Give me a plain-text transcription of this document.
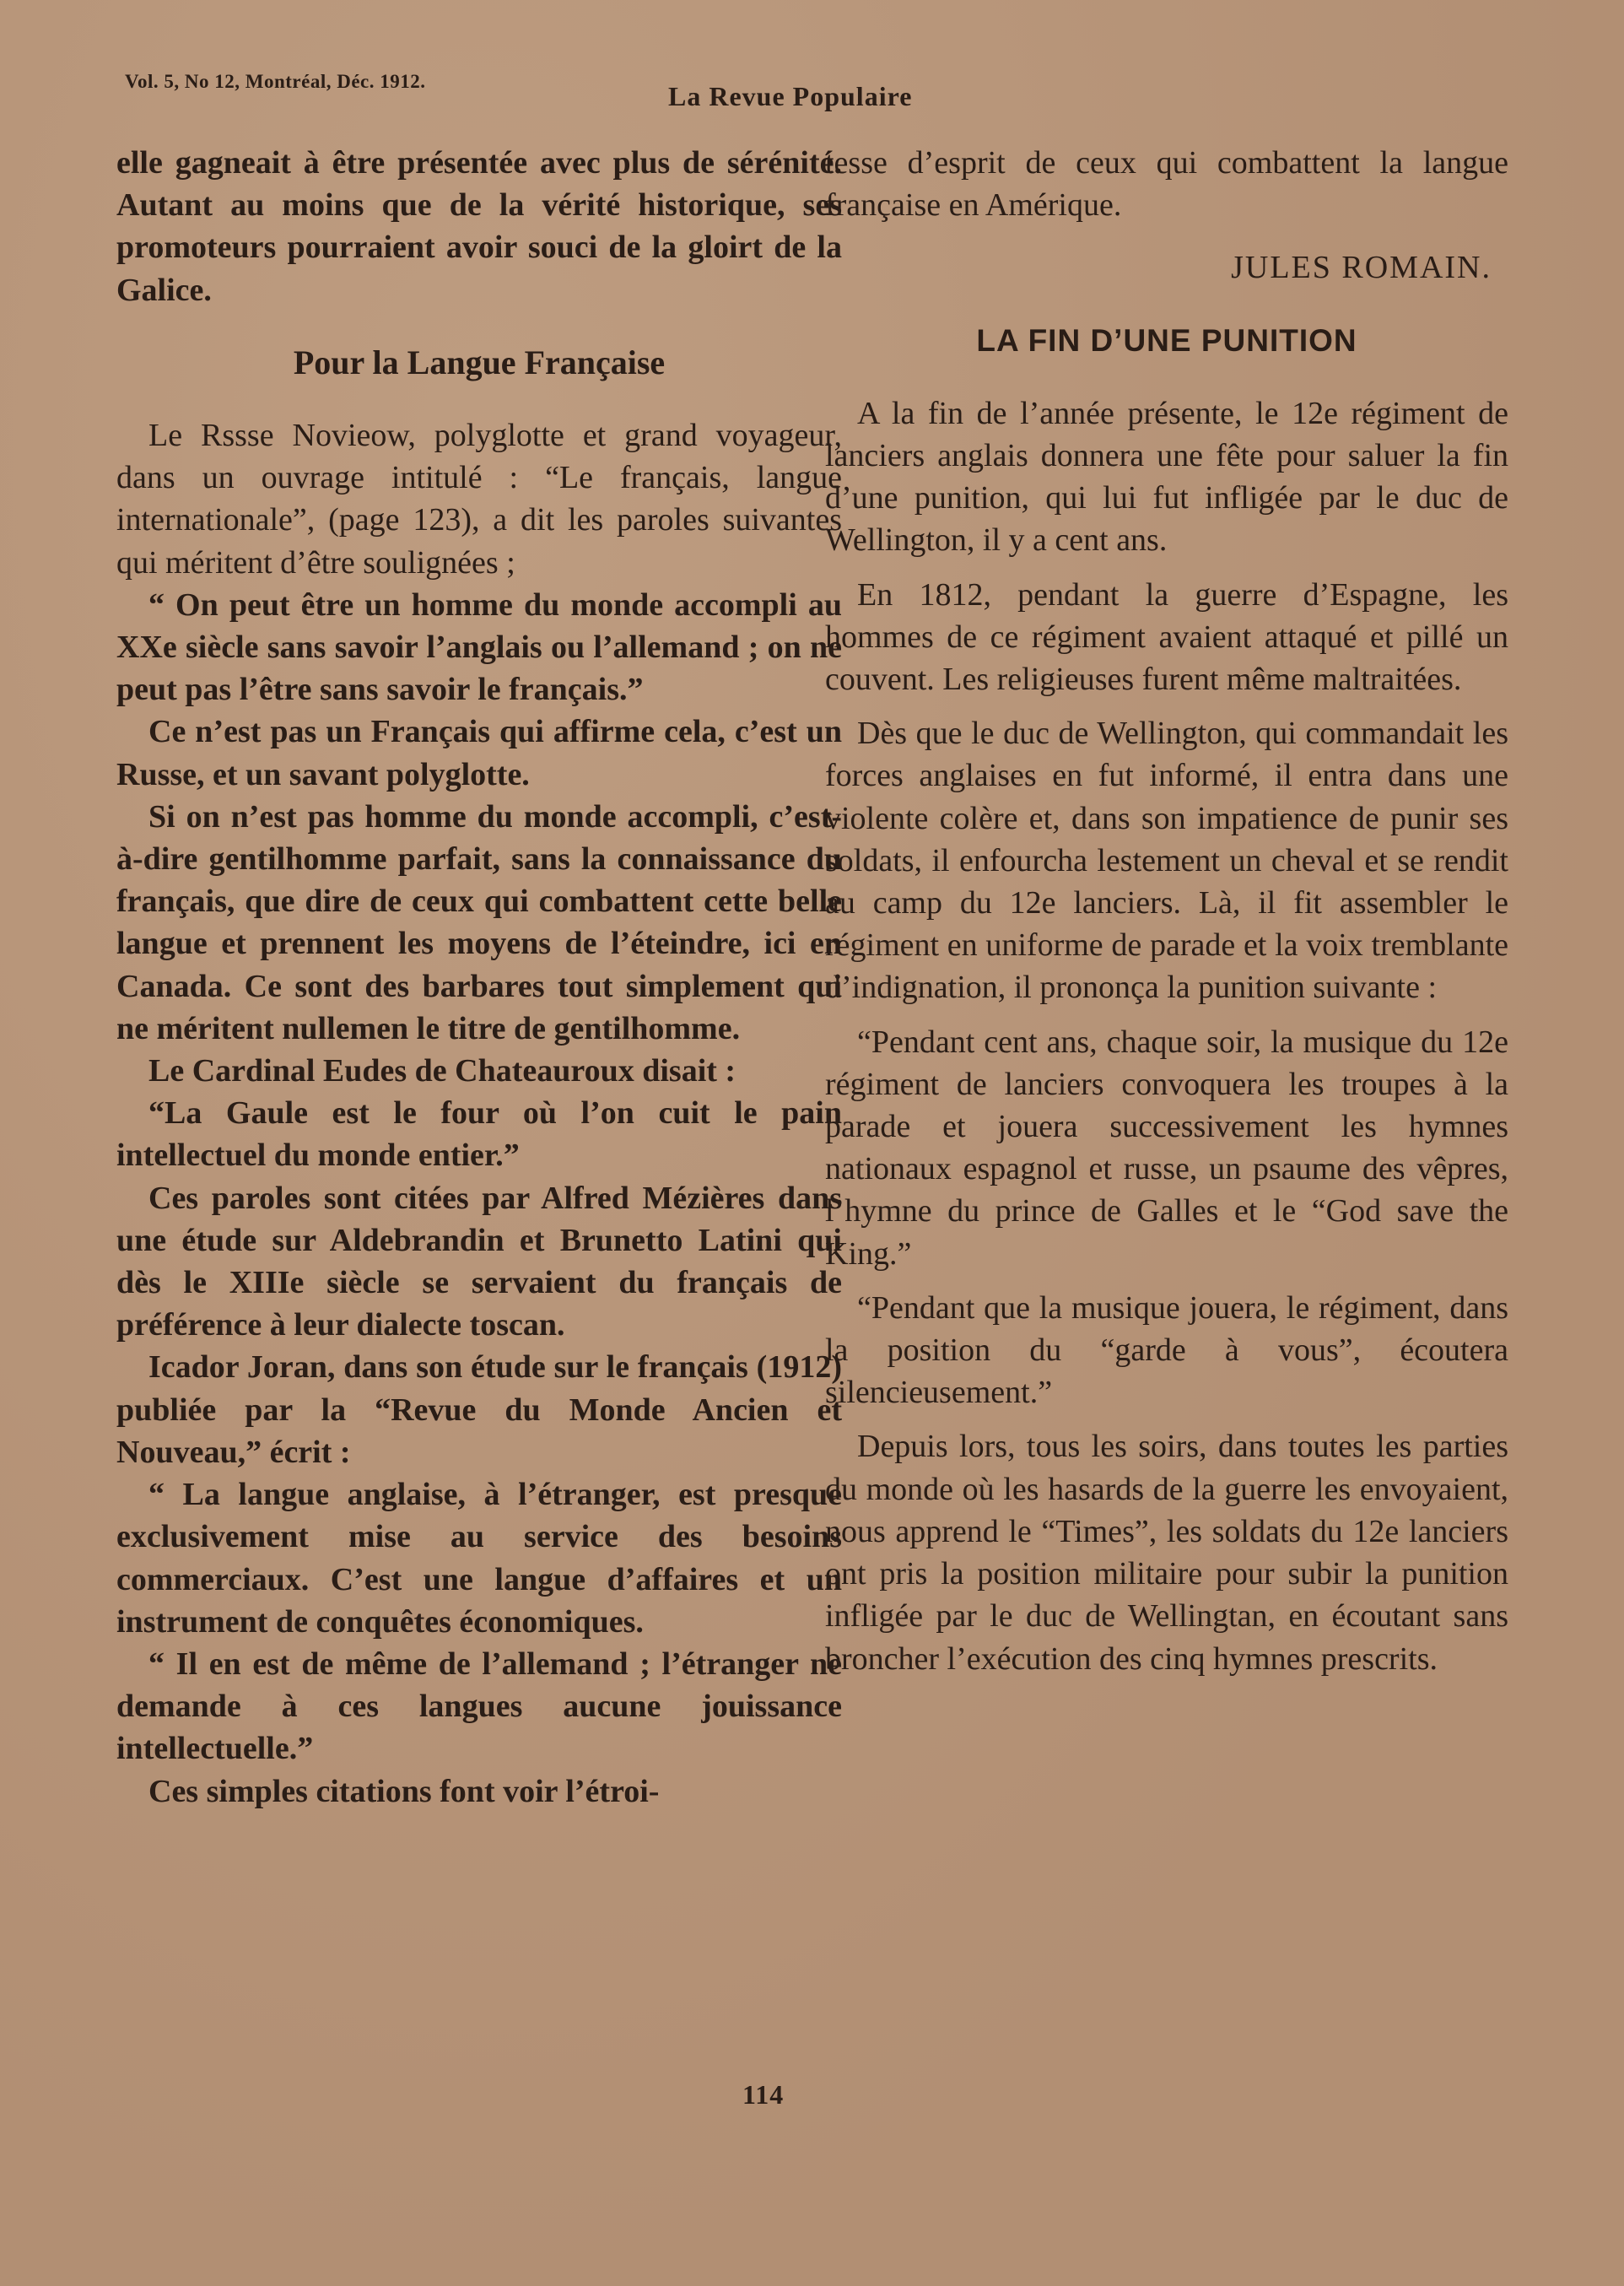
Vol. 5, No 12, Montréal, Déc. 1912.	La Revue Populaire

elle gagneait à être présentée avec plus de sérénité. Autant au moins que de la vérité historique, ses promoteurs pourraient avoir souci de la gloirt de la Galice.

Pour la Langue Française

Le Rssse Novieow, polyglotte et grand voyageur, dans un ouvrage intitulé : “Le français, langue internationale”, (page 123), a dit les paroles suivantes qui méritent d’être soulignées ;

“ On peut être un homme du monde accompli au XXe siècle sans savoir l’anglais ou l’allemand ; on ne peut pas l’être sans savoir le français.”

Ce n’est pas un Français qui affirme cela, c’est un Russe, et un savant polyglotte.

Si on n’est pas homme du monde accompli, c’est-à-dire gentilhomme parfait, sans la connaissance du français, que dire de ceux qui combattent cette belle langue et prennent les moyens de l’éteindre, ici en Canada. Ce sont des barbares tout simplement qui ne méritent nullemen le titre de gentilhomme.

Le Cardinal Eudes de Chateauroux disait :

“La Gaule est le four où l’on cuit le pain intellectuel du monde entier.”

Ces paroles sont citées par Alfred Mézières dans une étude sur Aldebrandin et Brunetto Latini qui dès le XIIIe siècle se servaient du français de préférence à leur dialecte toscan.

Icador Joran, dans son étude sur le français (1912) publiée par la “Revue du Monde Ancien et Nouveau,” écrit :

“ La langue anglaise, à l’étranger, est presque exclusivement mise au service des besoins commerciaux. C’est une langue d’affaires et un instrument de conquêtes économiques.

“ Il en est de même de l’allemand ; l’étranger ne demande à ces langues aucune jouissance intellectuelle.”

Ces simples citations font voir l’étroi-

tesse d’esprit de ceux qui combattent la langue française en Amérique.

JULES ROMAIN.
LA FIN D’UNE PUNITION

A la fin de l’année présente, le 12e régiment de lanciers anglais donnera une fête pour saluer la fin d’une punition, qui lui fut infligée par le duc de Wellington, il y a cent ans.

En 1812, pendant la guerre d’Espagne, les hommes de ce régiment avaient attaqué et pillé un couvent. Les religieuses furent même maltraitées.

Dès que le duc de Wellington, qui commandait les forces anglaises en fut informé, il entra dans une violente colère et, dans son impatience de punir ses soldats, il enfourcha lestement un cheval et se rendit au camp du 12e lanciers. Là, il fit assembler le régiment en uniforme de parade et la voix tremblante d’indignation, il prononça la punition suivante :

“Pendant cent ans, chaque soir, la musique du 12e régiment de lanciers convoquera les troupes à la parade et jouera successivement les hymnes nationaux espagnol et russe, un psaume des vêpres, l’hymne du prince de Galles et le “God save the King.”

“Pendant que la musique jouera, le régiment, dans la position du “garde à vous”, écoutera silencieusement.”

Depuis lors, tous les soirs, dans toutes les parties du monde où les hasards de la guerre les envoyaient, nous apprend le “Times”, les soldats du 12e lanciers ont pris la position militaire pour subir la punition infligée par le duc de Wellingtan, en écoutant sans broncher l’exécution des cinq hymnes prescrits.

114
